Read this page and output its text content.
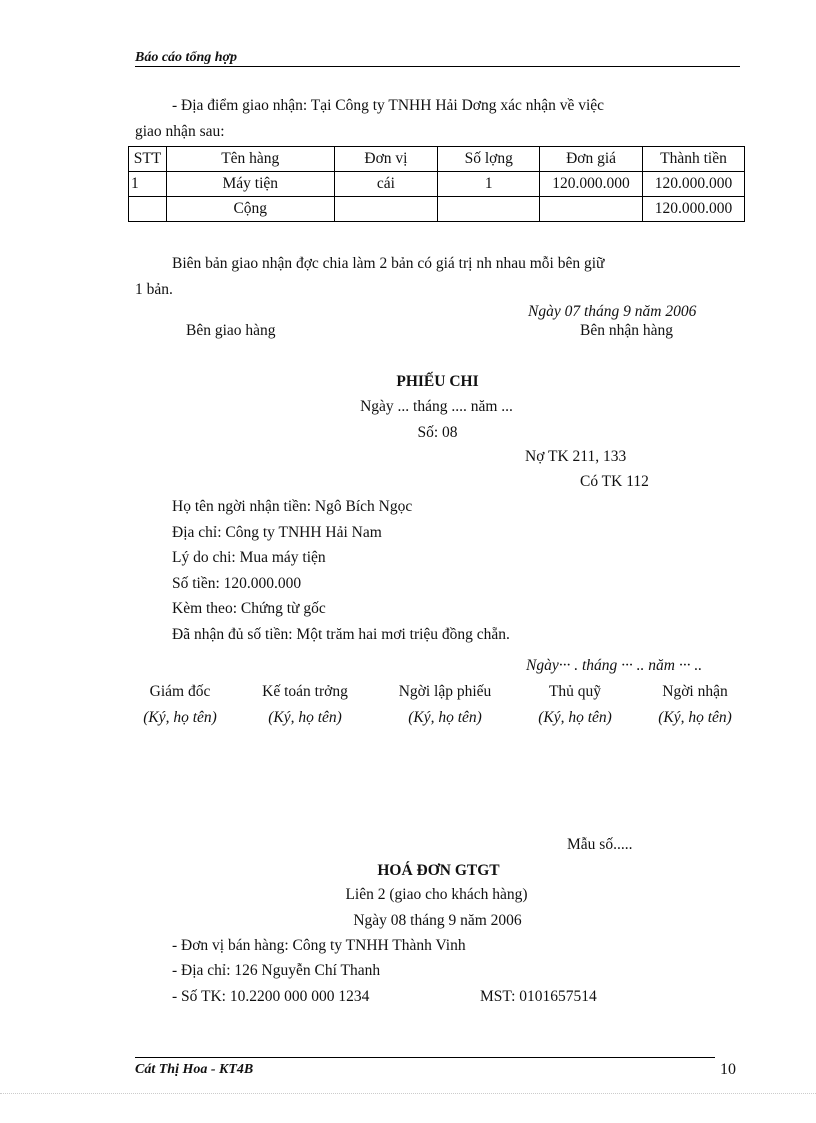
Báo cáo tổng hợp
- Địa điểm giao nhận: Tại Công ty TNHH Hải Dơng xác nhận về việc
giao nhận sau:
STT	Tên hàng	Đơn vị	Số lợng	Đơn giá	Thành tiền
1	Máy tiện	cái	1	120.000.000	120.000.000
	Cộng				120.000.000
Biên bản giao nhận đợc chia làm 2 bản có giá trị nh nhau mỗi bên giữ
1 bản.
Ngày 07 tháng 9 năm 2006
Bên giao hàng	Bên nhận hàng
PHIẾU CHI
Ngày ... tháng .... năm ...
Số: 08
Nợ TK 211, 133
Có TK 112
Họ tên ngời nhận tiền: Ngô Bích Ngọc
Địa chỉ: Công ty TNHH Hải Nam
Lý do chi: Mua máy tiện
Số tiền: 120.000.000
Kèm theo: Chứng từ gốc
Đã nhận đủ số tiền: Một trăm hai mơi triệu đồng chẵn.
Ngày··· . tháng ··· .. năm ··· ..
Giám đốc	Kế toán trởng	Ngời lập phiếu	Thủ quỹ	Ngời nhận
(Ký, họ tên)	(Ký, họ tên)	(Ký, họ tên)	(Ký, họ tên)	(Ký, họ tên)
Mẫu số.....
HOÁ ĐƠN GTGT
Liên 2 (giao cho khách hàng)
Ngày 08 tháng 9 năm 2006
- Đơn vị bán hàng: Công ty TNHH Thành Vinh
- Địa chỉ: 126 Nguyễn Chí Thanh
- Số TK: 10.2200 000 000 1234	MST: 0101657514
Cát Thị Hoa - KT4B	10
